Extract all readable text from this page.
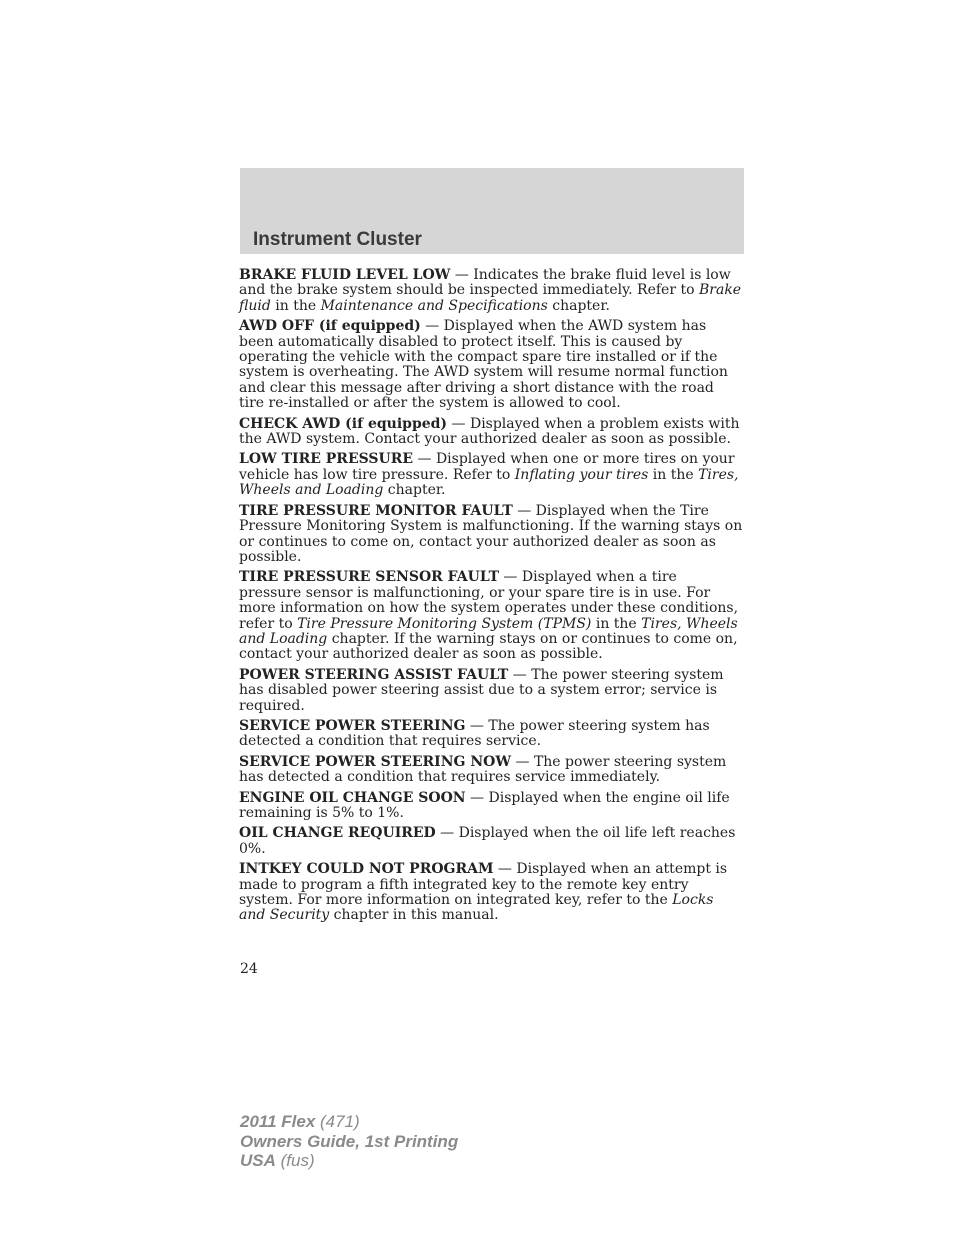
Instrument Cluster

BRAKE FLUID LEVEL LOW — Indicates the brake fluid level is low and the brake system should be inspected immediately. Refer to Brake fluid in the Maintenance and Specifications chapter.

AWD OFF (if equipped) — Displayed when the AWD system has been automatically disabled to protect itself. This is caused by operating the vehicle with the compact spare tire installed or if the system is overheating. The AWD system will resume normal function and clear this message after driving a short distance with the road tire re-installed or after the system is allowed to cool.

CHECK AWD (if equipped) — Displayed when a problem exists with the AWD system. Contact your authorized dealer as soon as possible.

LOW TIRE PRESSURE — Displayed when one or more tires on your vehicle has low tire pressure. Refer to Inflating your tires in the Tires, Wheels and Loading chapter.

TIRE PRESSURE MONITOR FAULT — Displayed when the Tire Pressure Monitoring System is malfunctioning. If the warning stays on or continues to come on, contact your authorized dealer as soon as possible.

TIRE PRESSURE SENSOR FAULT — Displayed when a tire pressure sensor is malfunctioning, or your spare tire is in use. For more information on how the system operates under these conditions, refer to Tire Pressure Monitoring System (TPMS) in the Tires, Wheels and Loading chapter. If the warning stays on or continues to come on, contact your authorized dealer as soon as possible.

POWER STEERING ASSIST FAULT — The power steering system has disabled power steering assist due to a system error; service is required.

SERVICE POWER STEERING — The power steering system has detected a condition that requires service.

SERVICE POWER STEERING NOW — The power steering system has detected a condition that requires service immediately.

ENGINE OIL CHANGE SOON — Displayed when the engine oil life remaining is 5% to 1%.

OIL CHANGE REQUIRED — Displayed when the oil life left reaches 0%.

INTKEY COULD NOT PROGRAM — Displayed when an attempt is made to program a fifth integrated key to the remote key entry system. For more information on integrated key, refer to the Locks and Security chapter in this manual.

24
2011 Flex (471)
Owners Guide, 1st Printing
USA (fus)
